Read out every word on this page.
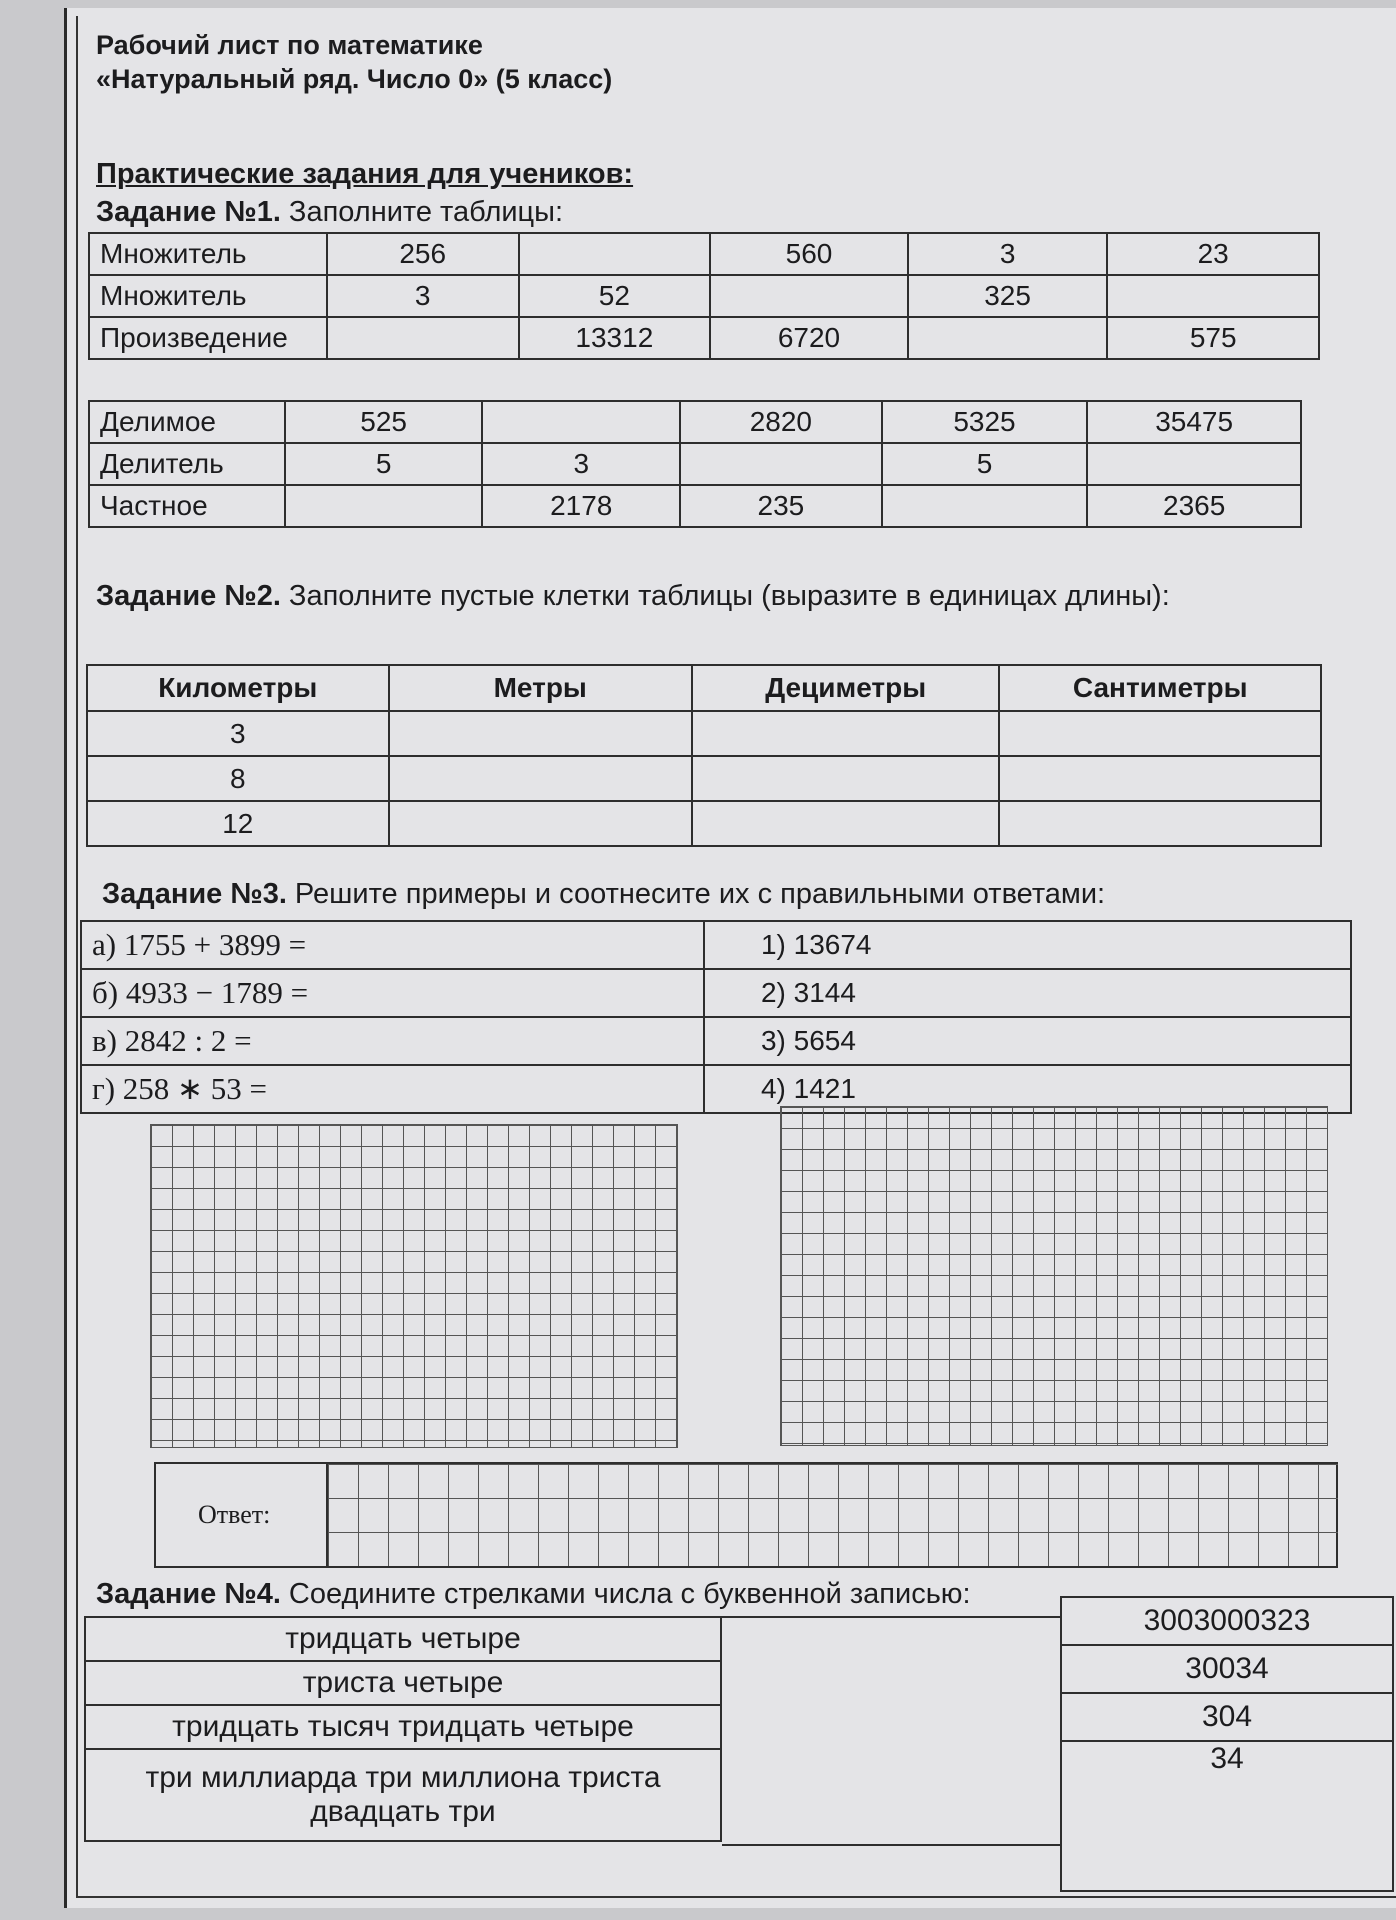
Рабочий лист по математике
«Натуральный ряд. Число 0» (5 класс)
Практические задания для учеников:
Задание №1. Заполните таблицы:
Множитель	256		560	3	23
Множитель	3	52		325	
Произведение		13312	6720		575
Делимое	525		2820	5325	35475
Делитель	5	3		5	
Частное		2178	235		2365
Задание №2. Заполните пустые клетки таблицы (выразите в единицах длины):
Километры	Метры	Дециметры	Сантиметры
3			
8			
12			
Задание №3. Решите примеры и соотнесите их с правильными ответами:
а) 1755 + 3899 =	1) 13674
б) 4933 − 1789 =	2) 3144
в) 2842 : 2 =	3) 5654
г) 258 ∗ 53 =	4) 1421
Ответ:
Задание №4. Соедините стрелками числа с буквенной записью:
тридцать четыре
триста четыре
тридцать тысяч тридцать четыре
три миллиарда три миллиона триста двадцать три
3003000323
30034
304
34
